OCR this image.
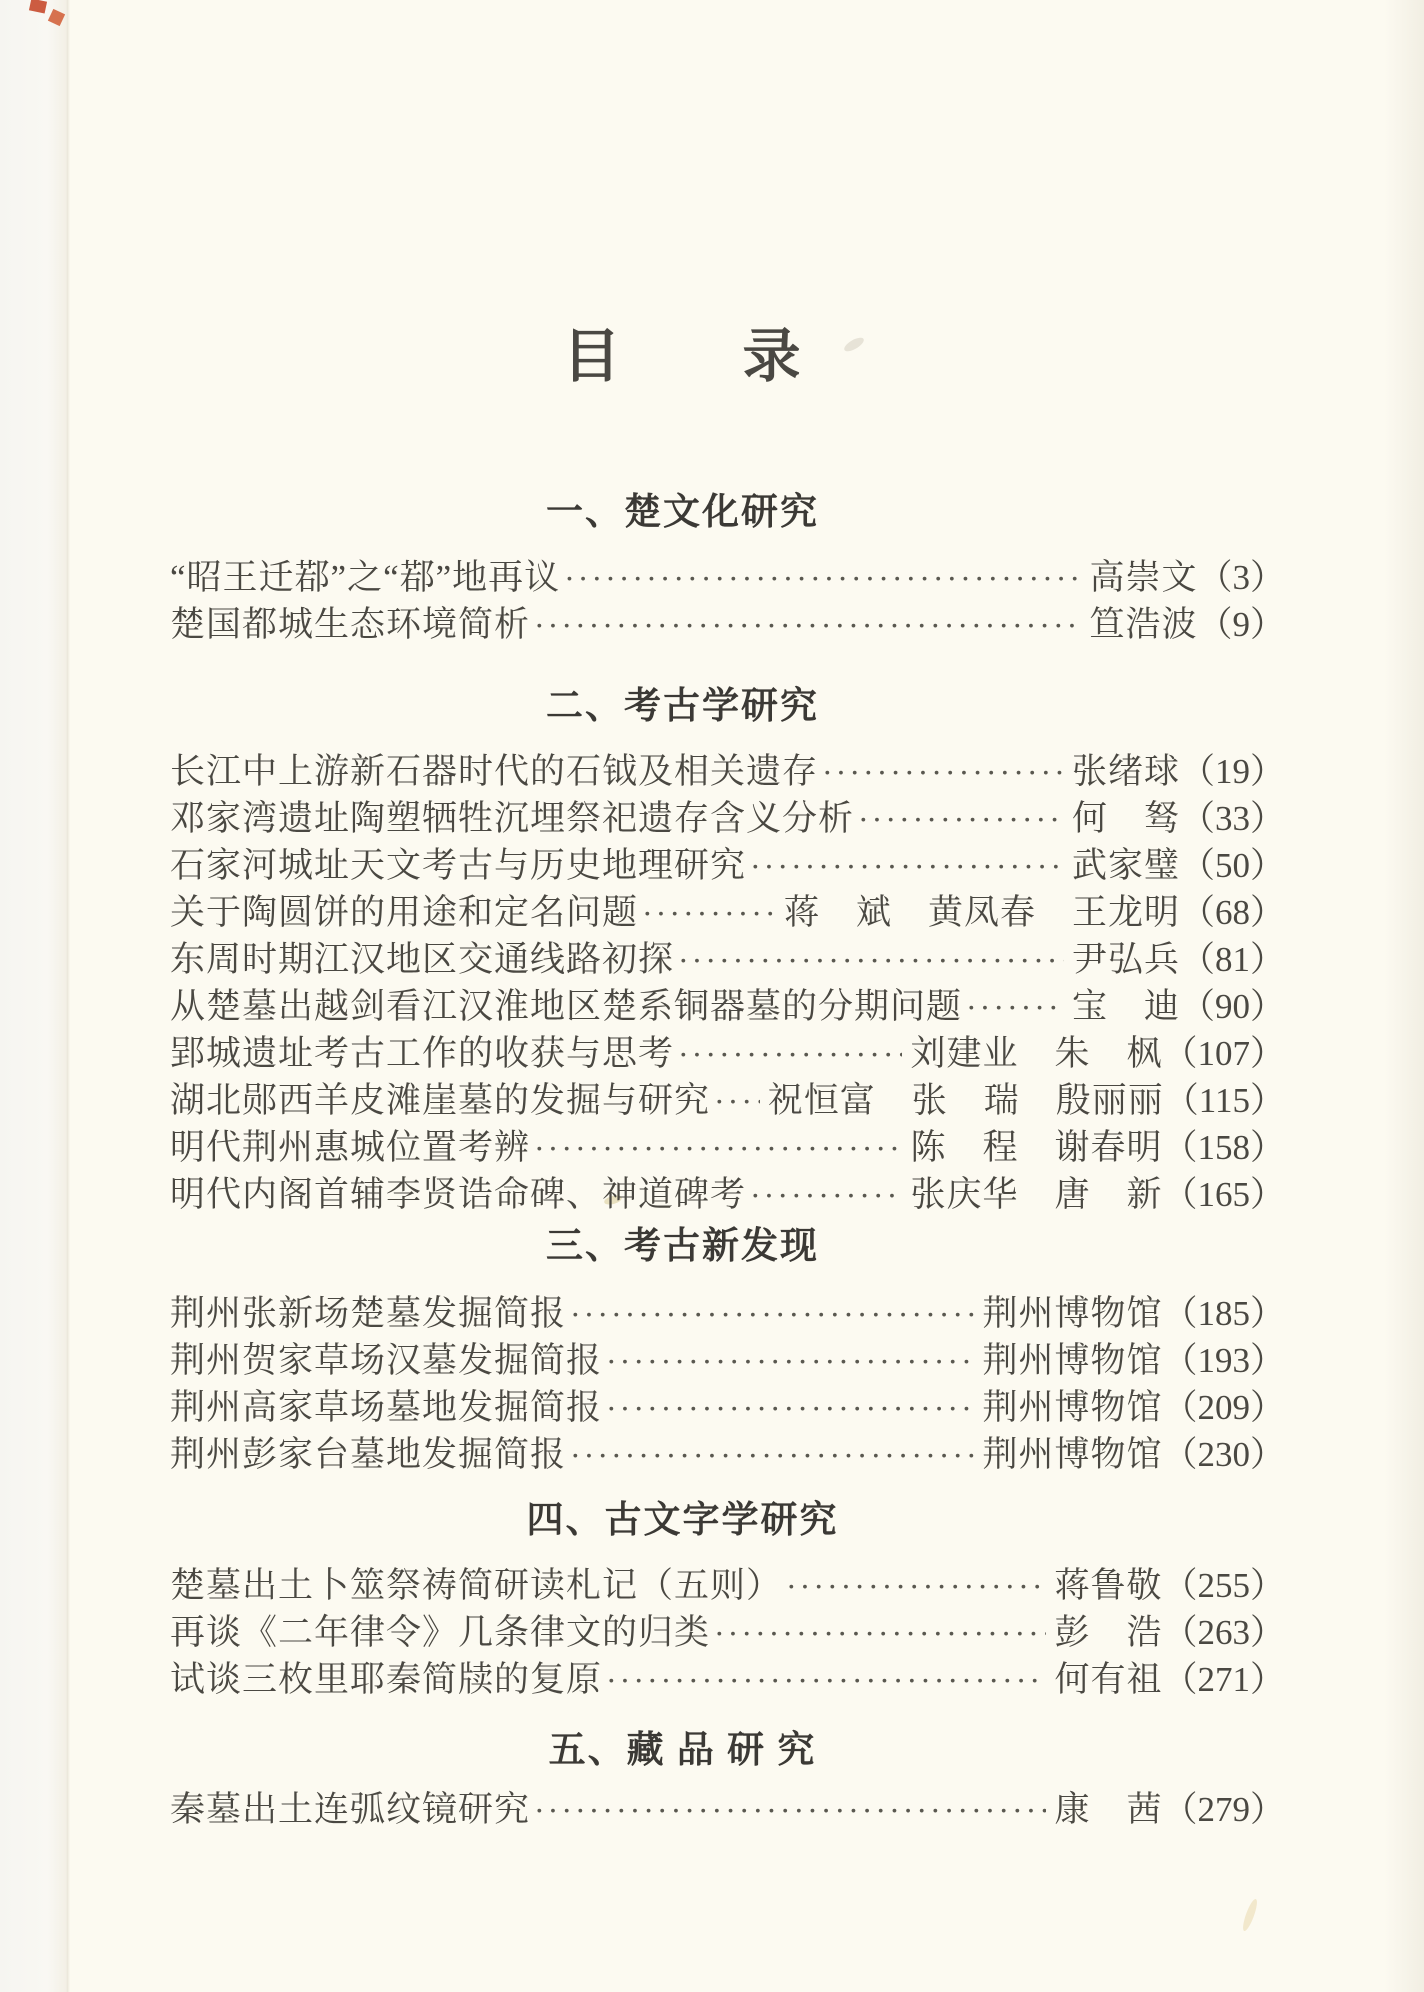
目　　录
一、楚文化研究
“昭王迁鄀”之“鄀”地再议 ·····	高崇文 （3）
楚国都城生态环境简析 ·····	笪浩波 （9）
二、考古学研究
长江中上游新石器时代的石钺及相关遗存 ·····	张绪球 （19）
邓家湾遗址陶塑牺牲沉埋祭祀遗存含义分析 ·····	何　驽 （33）
石家河城址天文考古与历史地理研究 ·····	武家璧 （50）
关于陶圆饼的用途和定名问题 ·····	蒋　斌　黄凤春　王龙明 （68）
东周时期江汉地区交通线路初探 ·····	尹弘兵 （81）
从楚墓出越剑看江汉淮地区楚系铜器墓的分期问题 ·····	宝　迪 （90）
郢城遗址考古工作的收获与思考 ·····	刘建业　朱　枫 （107）
湖北郧西羊皮滩崖墓的发掘与研究 ····· 祝恒富　张　瑞　殷丽丽 （115）
明代荆州惠城位置考辨 ·····	陈　程　谢春明 （158）
明代内阁首辅李贤诰命碑、神道碑考 ·····	张庆华　唐　新 （165）
三、考古新发现
荆州张新场楚墓发掘简报 ·····	荆州博物馆 （185）
荆州贺家草场汉墓发掘简报 ·····	荆州博物馆 （193）
荆州高家草场墓地发掘简报 ·····	荆州博物馆 （209）
荆州彭家台墓地发掘简报 ·····	荆州博物馆 （230）
四、古文字学研究
楚墓出土卜筮祭祷简研读札记（五则） ·····	蒋鲁敬 （255）
再谈《二年律令》几条律文的归类 ·····	彭　浩 （263）
试谈三枚里耶秦简牍的复原 ·····	何有祖 （271）
五、藏 品 研 究
秦墓出土连弧纹镜研究 ·····	康　茜 （279）
